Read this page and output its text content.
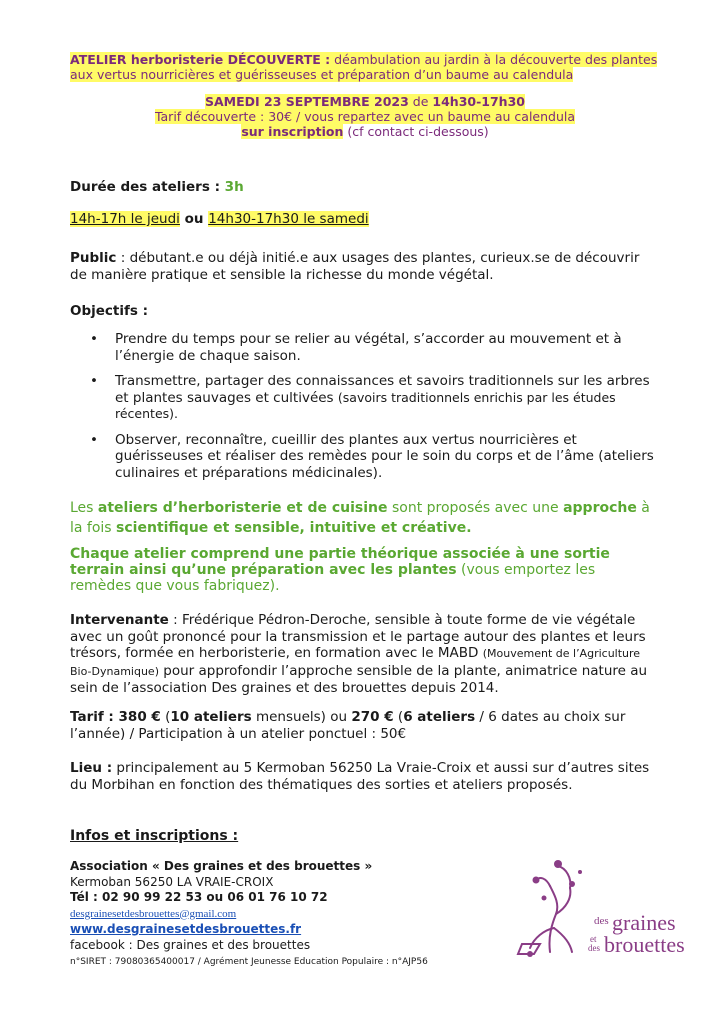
ATELIER herboristerie DÉCOUVERTE : déambulation au jardin à la découverte des plantes aux vertus nourricières et guérisseuses et préparation d’un baume au calendula

SAMEDI 23 SEPTEMBRE 2023 de 14h30-17h30

Tarif découverte : 30€ / vous repartez avec un baume au calendula

sur inscription (cf contact ci-dessous)

Durée des ateliers : 3h

14h-17h le jeudi ou 14h30-17h30 le samedi

Public : débutant.e ou déjà initié.e aux usages des plantes, curieux.se de découvrir de manière pratique et sensible la richesse du monde végétal.

Objectifs :

• Prendre du temps pour se relier au végétal, s’accorder au mouvement et à l’énergie de chaque saison.
• Transmettre, partager des connaissances et savoirs traditionnels sur les arbres et plantes sauvages et cultivées (savoirs traditionnels enrichis par les études récentes).
• Observer, reconnaître, cueillir des plantes aux vertus nourricières et guérisseuses et réaliser des remèdes pour le soin du corps et de l’âme (ateliers culinaires et préparations médicinales).

Les ateliers d’herboristerie et de cuisine sont proposés avec une approche à la fois scientifique et sensible, intuitive et créative.

Chaque atelier comprend une partie théorique associée à une sortie terrain ainsi qu’une préparation avec les plantes (vous emportez les remèdes que vous fabriquez).

Intervenante : Frédérique Pédron-Deroche, sensible à toute forme de vie végétale avec un goût prononcé pour la transmission et le partage autour des plantes et leurs trésors, formée en herboristerie, en formation avec le MABD (Mouvement de l’Agriculture Bio-Dynamique) pour approfondir l’approche sensible de la plante, animatrice nature au sein de l’association Des graines et des brouettes depuis 2014.

Tarif : 380 € (10 ateliers mensuels) ou 270 € (6 ateliers / 6 dates au choix sur l’année) / Participation à un atelier ponctuel : 50€

Lieu : principalement au 5 Kermoban 56250 La Vraie-Croix et aussi sur d’autres sites du Morbihan en fonction des thématiques des sorties et ateliers proposés.

Infos et inscriptions :

Association « Des graines et des brouettes »
Kermoban 56250 LA VRAIE-CROIX
Tél : 02 90 99 22 53 ou 06 01 76 10 72
desgrainesetdesbrouettes@gmail.com
www.desgrainesetdesbrouettes.fr
facebook : Des graines et des brouettes
n°SIRET : 79080365400017 / Agrément Jeunesse Education Populaire : n°AJP56
des graines
et
des brouettes
